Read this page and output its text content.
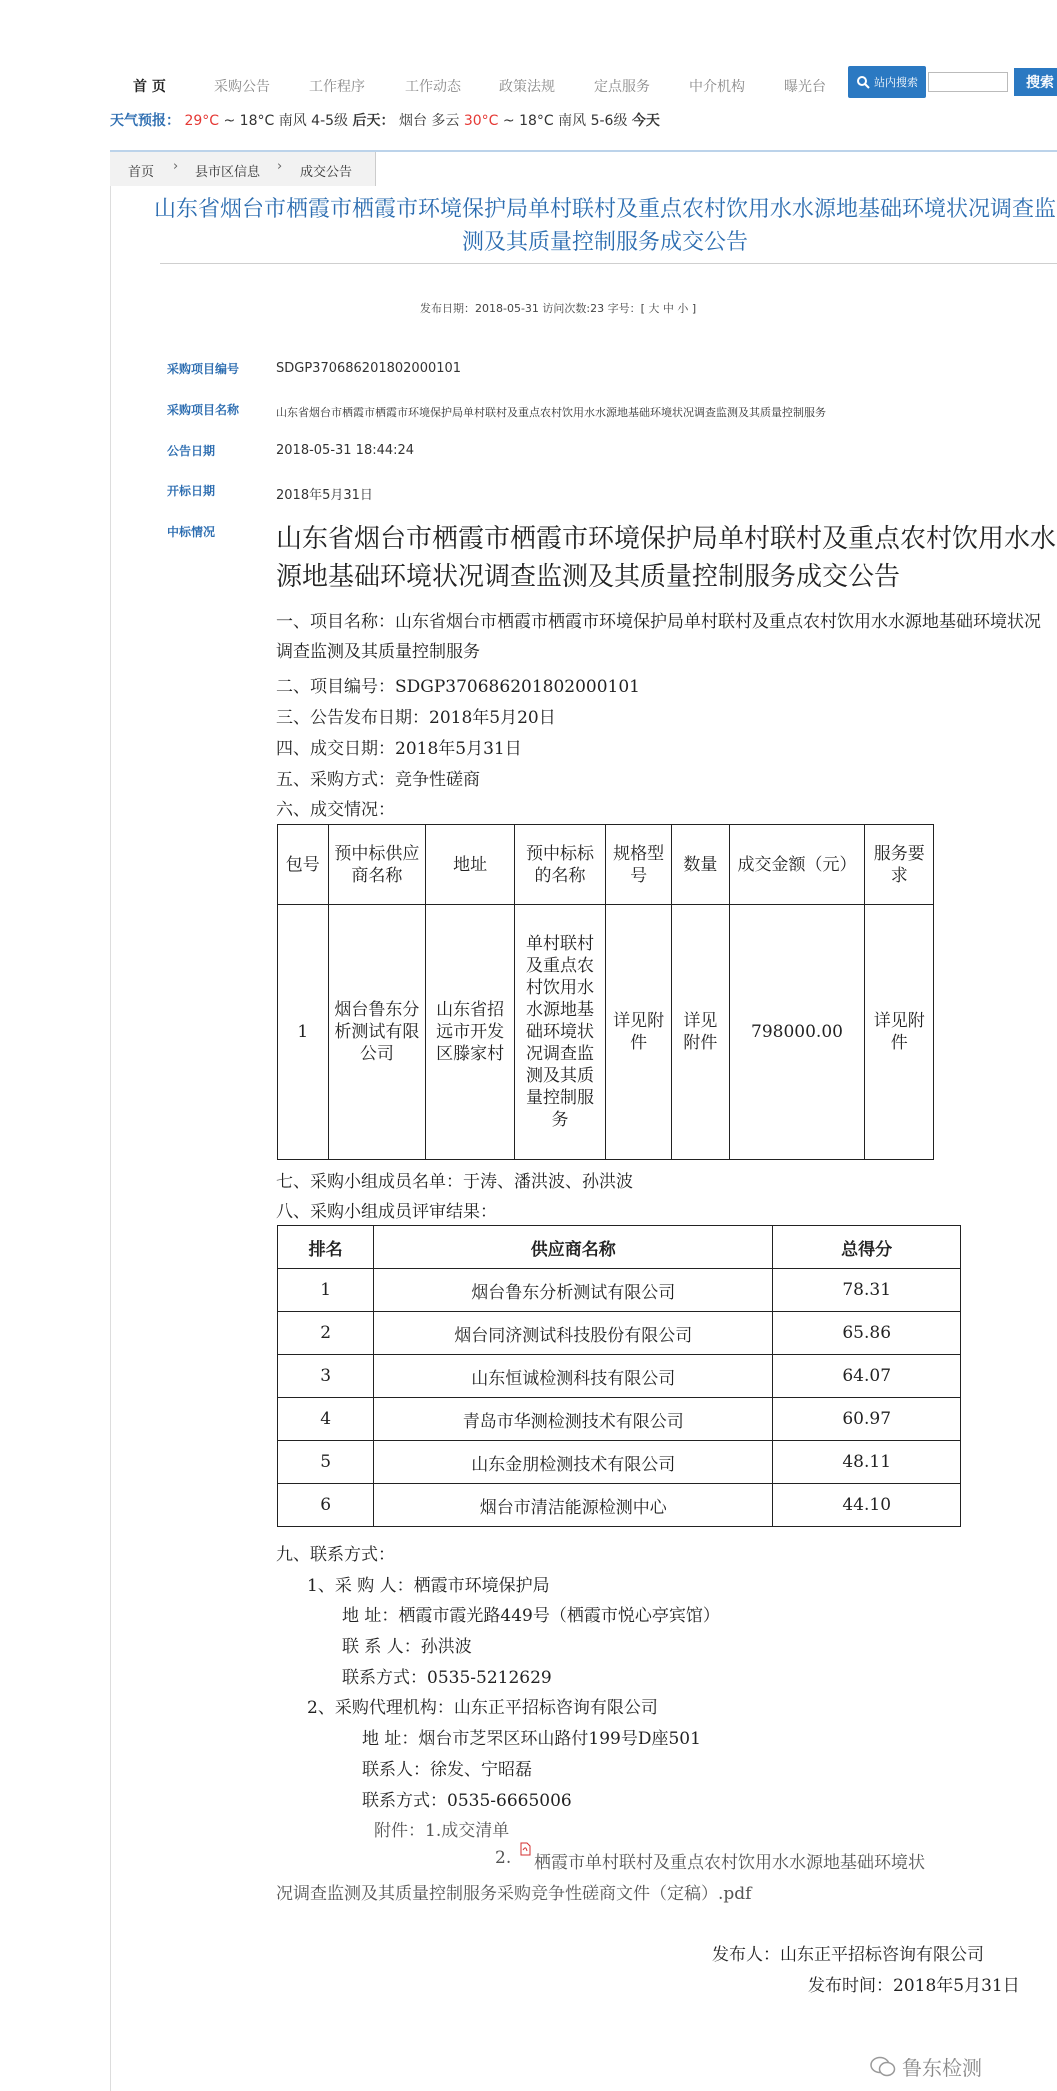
首 页	采购公告	工作程序	工作动态	政策法规	定点服务	中介机构	曝光台	站内搜索	搜索
天气预报： 29°C ~ 18°C 南风 4-5级 后天： 烟台 多云 30°C ~ 18°C 南风 5-6级 今天
首页 › 县市区信息 › 成交公告
山东省烟台市栖霞市栖霞市环境保护局单村联村及重点农村饮用水水源地基础环境状况调查监测及其质量控制服务成交公告
发布日期：2018-05-31 访问次数:23 字号：[ 大 中 小 ]
采购项目编号	SDGP370686201802000101
采购项目名称	山东省烟台市栖霞市栖霞市环境保护局单村联村及重点农村饮用水水源地基础环境状况调查监测及其质量控制服务
公告日期	2018-05-31 18:44:24
开标日期	2018年5月31日
中标情况 山东省烟台市栖霞市栖霞市环境保护局单村联村及重点农村饮用水水源地基础环境状况调查监测及其质量控制服务成交公告
一、项目名称：山东省烟台市栖霞市栖霞市环境保护局单村联村及重点农村饮用水水源地基础环境状况调查监测及其质量控制服务
二、项目编号：SDGP370686201802000101
三、公告发布日期：2018年5月20日
四、成交日期：2018年5月31日
五、采购方式：竞争性磋商
六、成交情况：
包号	预中标供应商名称	地址	预中标标的名称	规格型号	数量	成交金额（元）	服务要求
1	烟台鲁东分析测试有限公司	山东省招远市开发区滕家村	单村联村及重点农村饮用水水源地基础环境状况调查监测及其质量控制服务	详见附件	详见附件	798000.00	详见附件
七、采购小组成员名单：于涛、潘洪波、孙洪波
八、采购小组成员评审结果：
排名	供应商名称	总得分
1	烟台鲁东分析测试有限公司	78.31
2	烟台同济测试科技股份有限公司	65.86
3	山东恒诚检测科技有限公司	64.07
4	青岛市华测检测技术有限公司	60.97
5	山东金朋检测技术有限公司	48.11
6	烟台市清洁能源检测中心	44.10
九、联系方式：
1、采 购 人：栖霞市环境保护局
地 址：栖霞市霞光路449号（栖霞市悦心亭宾馆）
联 系 人：孙洪波
联系方式：0535-5212629
2、采购代理机构：山东正平招标咨询有限公司
地 址：烟台市芝罘区环山路付199号D座501
联系人：徐发、宁昭磊
联系方式：0535-6665006
附件：1.成交清单
2. 栖霞市单村联村及重点农村饮用水水源地基础环境状
况调查监测及其质量控制服务采购竞争性磋商文件（定稿）.pdf
发布人：山东正平招标咨询有限公司
发布时间：2018年5月31日
鲁东检测
